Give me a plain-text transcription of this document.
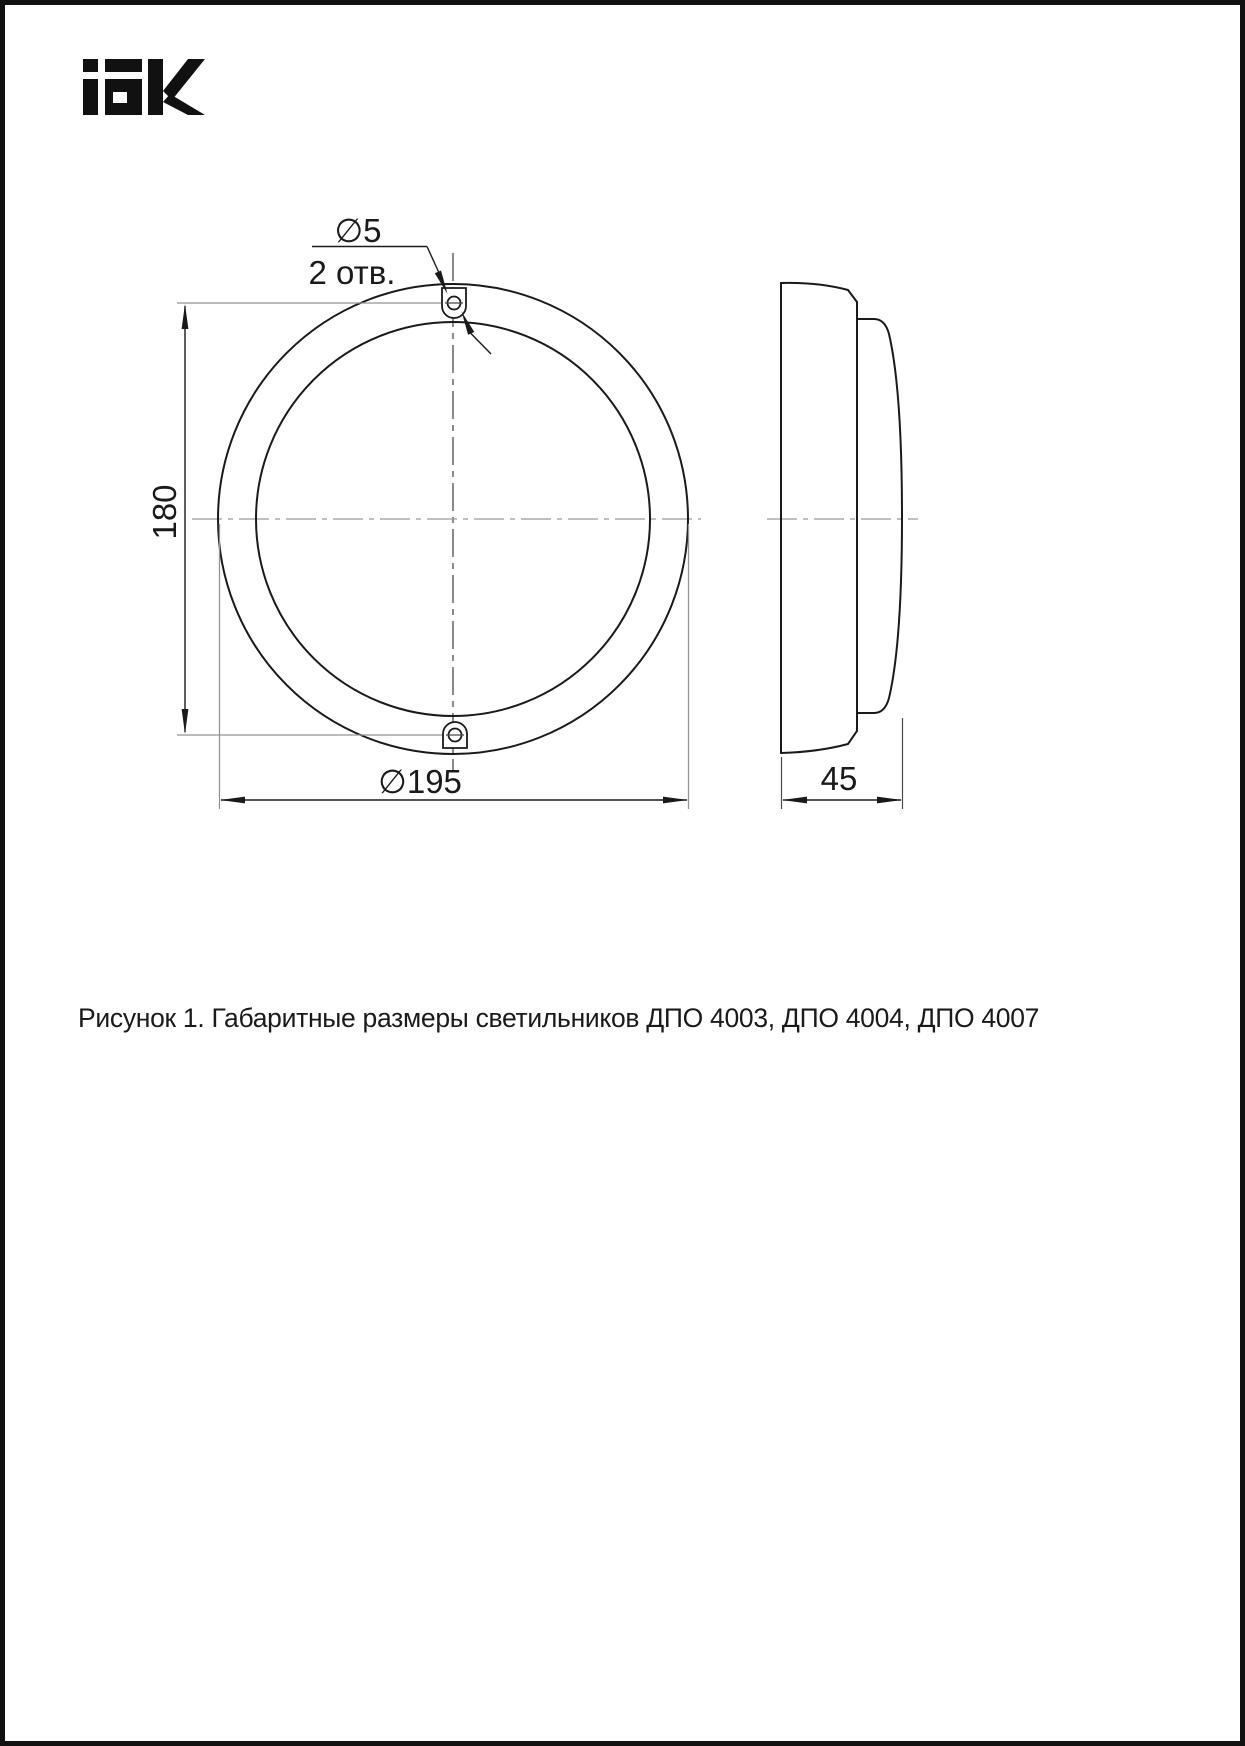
∅5
2 отв.
180
∅195	45
Рисунок 1. Габаритные размеры светильников ДПО 4003, ДПО 4004, ДПО 4007
